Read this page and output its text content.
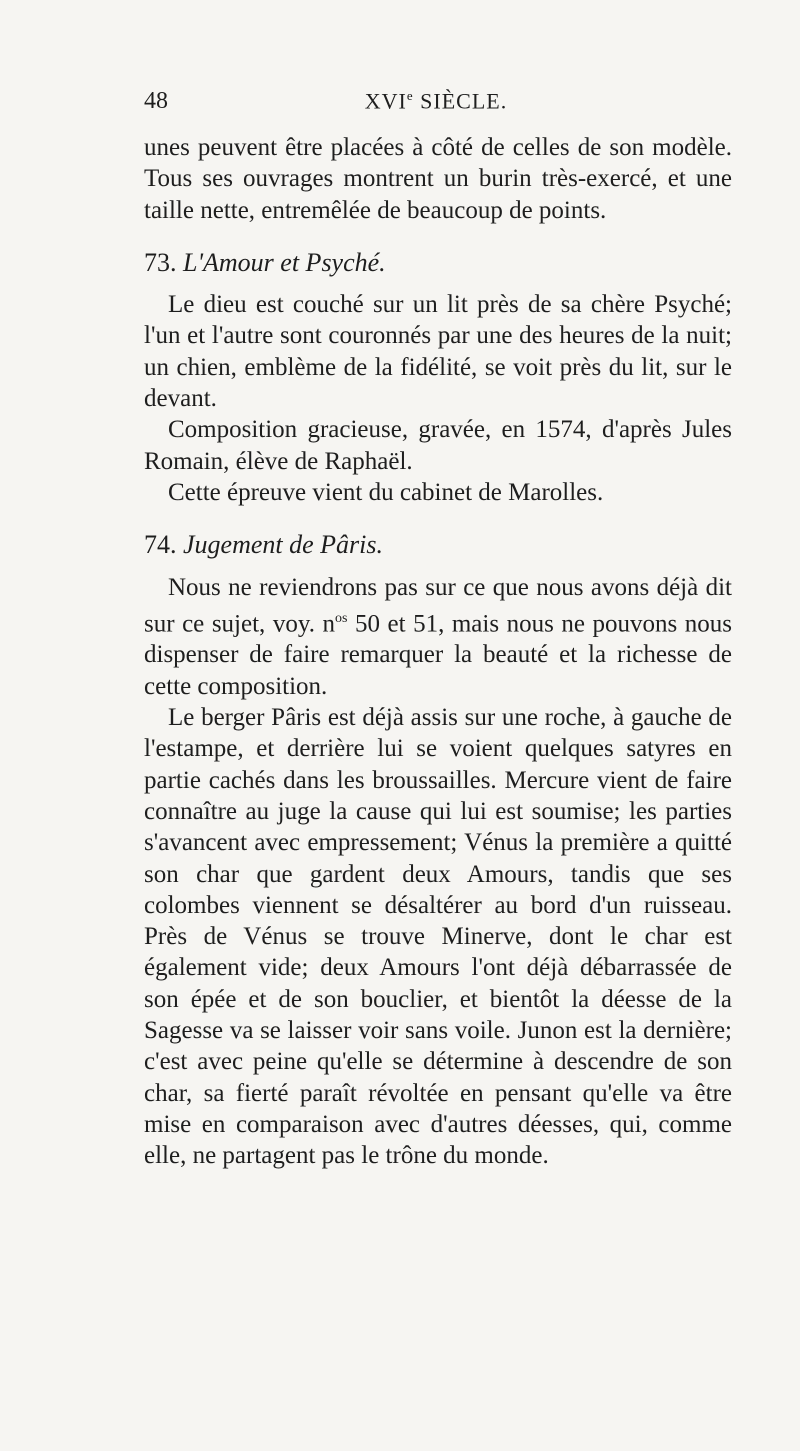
48	XVIe SIÈCLE.

unes peuvent être placées à côté de celles de son modèle. Tous ses ouvrages montrent un burin très-exercé, et une taille nette, entremêlée de beaucoup de points.

73. L'Amour et Psyché.

Le dieu est couché sur un lit près de sa chère Psyché; l'un et l'autre sont couronnés par une des heures de la nuit; un chien, emblème de la fidélité, se voit près du lit, sur le devant.

Composition gracieuse, gravée, en 1574, d'après Jules Romain, élève de Raphaël.

Cette épreuve vient du cabinet de Marolles.

74. Jugement de Pâris.

Nous ne reviendrons pas sur ce que nous avons déjà dit sur ce sujet, voy. $n^{os}$ 50 et 51, mais nous ne pouvons nous dispenser de faire remarquer la beauté et la richesse de cette composition.

Le berger Pâris est déjà assis sur une roche, à gauche de l'estampe, et derrière lui se voient quelques satyres en partie cachés dans les broussailles. Mercure vient de faire connaître au juge la cause qui lui est soumise; les parties s'avancent avec empressement; Vénus la première a quitté son char que gardent deux Amours, tandis que ses colombes viennent se désaltérer au bord d'un ruisseau. Près de Vénus se trouve Minerve, dont le char est également vide; deux Amours l'ont déjà débarrassée de son épée et de son bouclier, et bientôt la déesse de la Sagesse va se laisser voir sans voile. Junon est la dernière; c'est avec peine qu'elle se détermine à descendre de son char, sa fierté paraît révoltée en pensant qu'elle va être mise en comparaison avec d'autres déesses, qui, comme elle, ne partagent pas le trône du monde.
